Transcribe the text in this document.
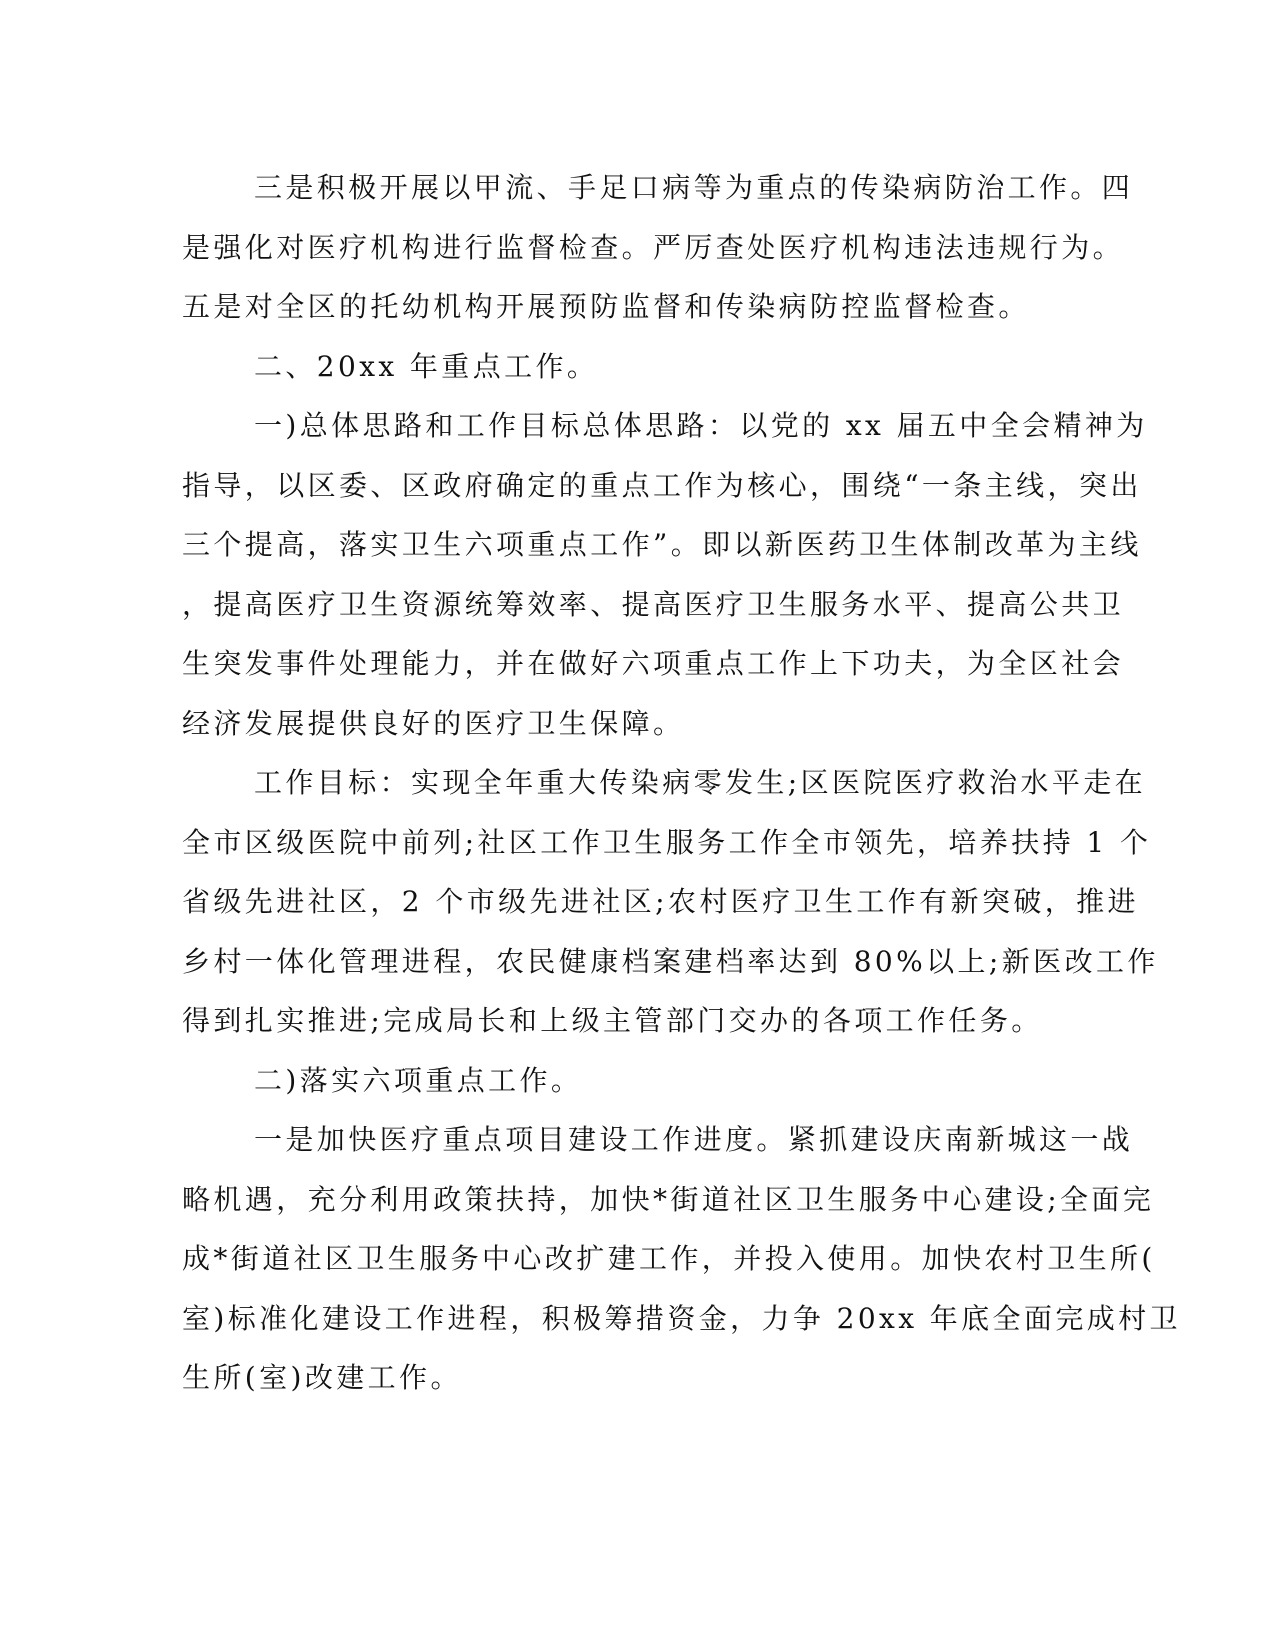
三是积极开展以甲流、手足口病等为重点的传染病防治工作。四
是强化对医疗机构进行监督检查。严厉查处医疗机构违法违规行为。
五是对全区的托幼机构开展预防监督和传染病防控监督检查。
二、20xx 年重点工作。
一)总体思路和工作目标总体思路：以党的 xx 届五中全会精神为
指导，以区委、区政府确定的重点工作为核心，围绕“一条主线，突出
三个提高，落实卫生六项重点工作”。即以新医药卫生体制改革为主线
，提高医疗卫生资源统筹效率、提高医疗卫生服务水平、提高公共卫
生突发事件处理能力，并在做好六项重点工作上下功夫，为全区社会
经济发展提供良好的医疗卫生保障。
工作目标：实现全年重大传染病零发生;区医院医疗救治水平走在
全市区级医院中前列;社区工作卫生服务工作全市领先，培养扶持 1 个
省级先进社区，2 个市级先进社区;农村医疗卫生工作有新突破，推进
乡村一体化管理进程，农民健康档案建档率达到 80%以上;新医改工作
得到扎实推进;完成局长和上级主管部门交办的各项工作任务。
二)落实六项重点工作。
一是加快医疗重点项目建设工作进度。紧抓建设庆南新城这一战
略机遇，充分利用政策扶持，加快*街道社区卫生服务中心建设;全面完
成*街道社区卫生服务中心改扩建工作，并投入使用。加快农村卫生所(
室)标准化建设工作进程，积极筹措资金，力争 20xx 年底全面完成村卫
生所(室)改建工作。
